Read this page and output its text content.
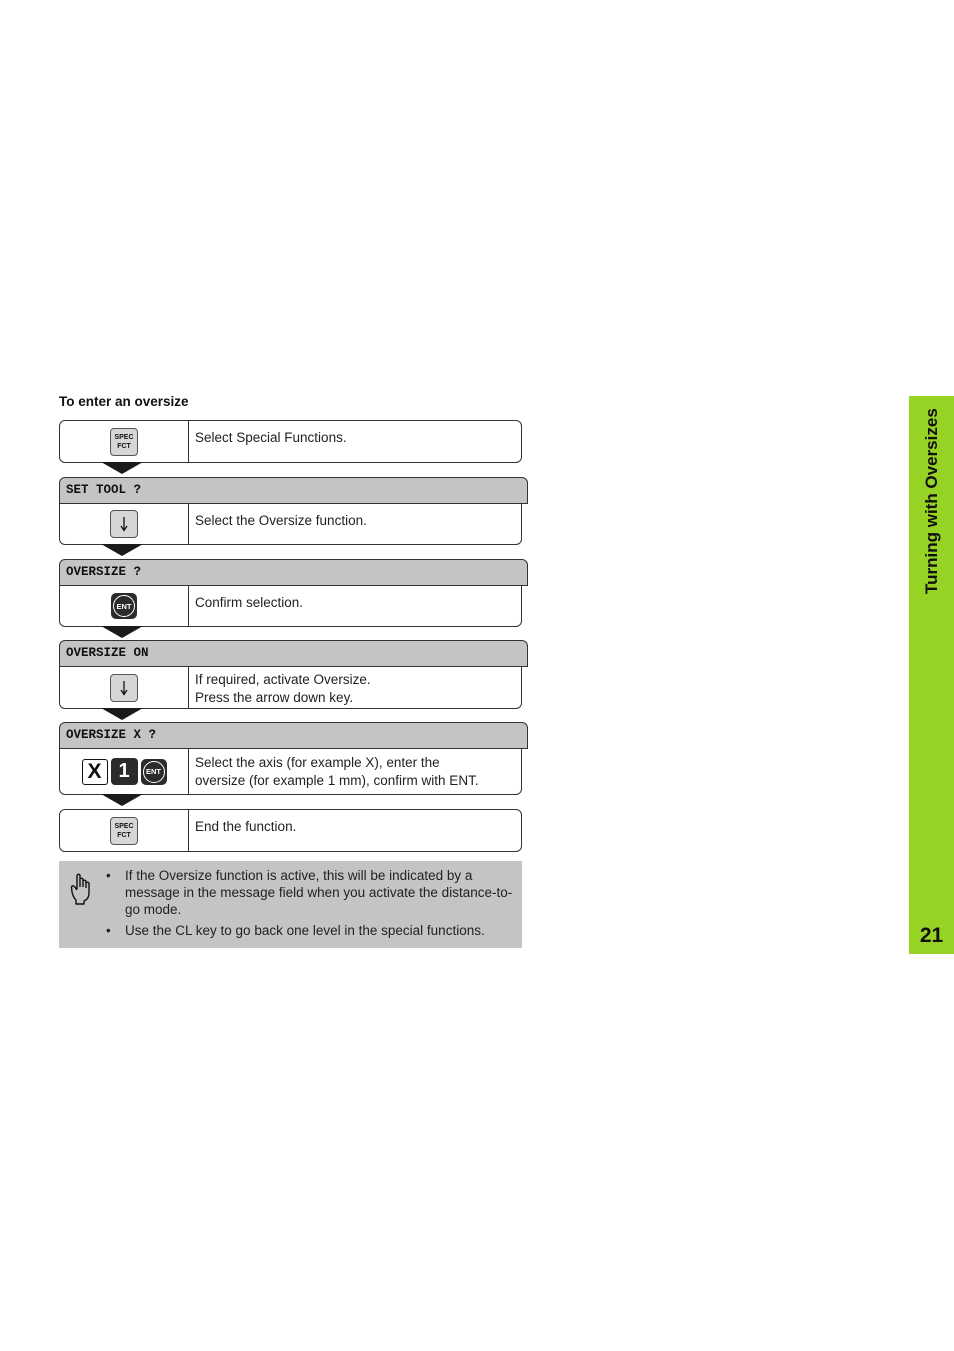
To enter an oversize
SPEC
FCT
Select Special Functions.
SET TOOL ?
Select the Oversize function.
OVERSIZE ?
ENT	Confirm selection.
OVERSIZE ON
If required, activate Oversize.
Press the arrow down key.
OVERSIZE X ?
X 1	ENT
Select the axis (for example X), enter the
oversize (for example 1 mm), confirm with ENT.
SPEC
FCT
End the function.
• If the Oversize function is active, this will be indicated by a message in the message field when you activate the distance-to-go mode.
• Use the CL key to go back one level in the special functions.
Turning with Oversizes
21
